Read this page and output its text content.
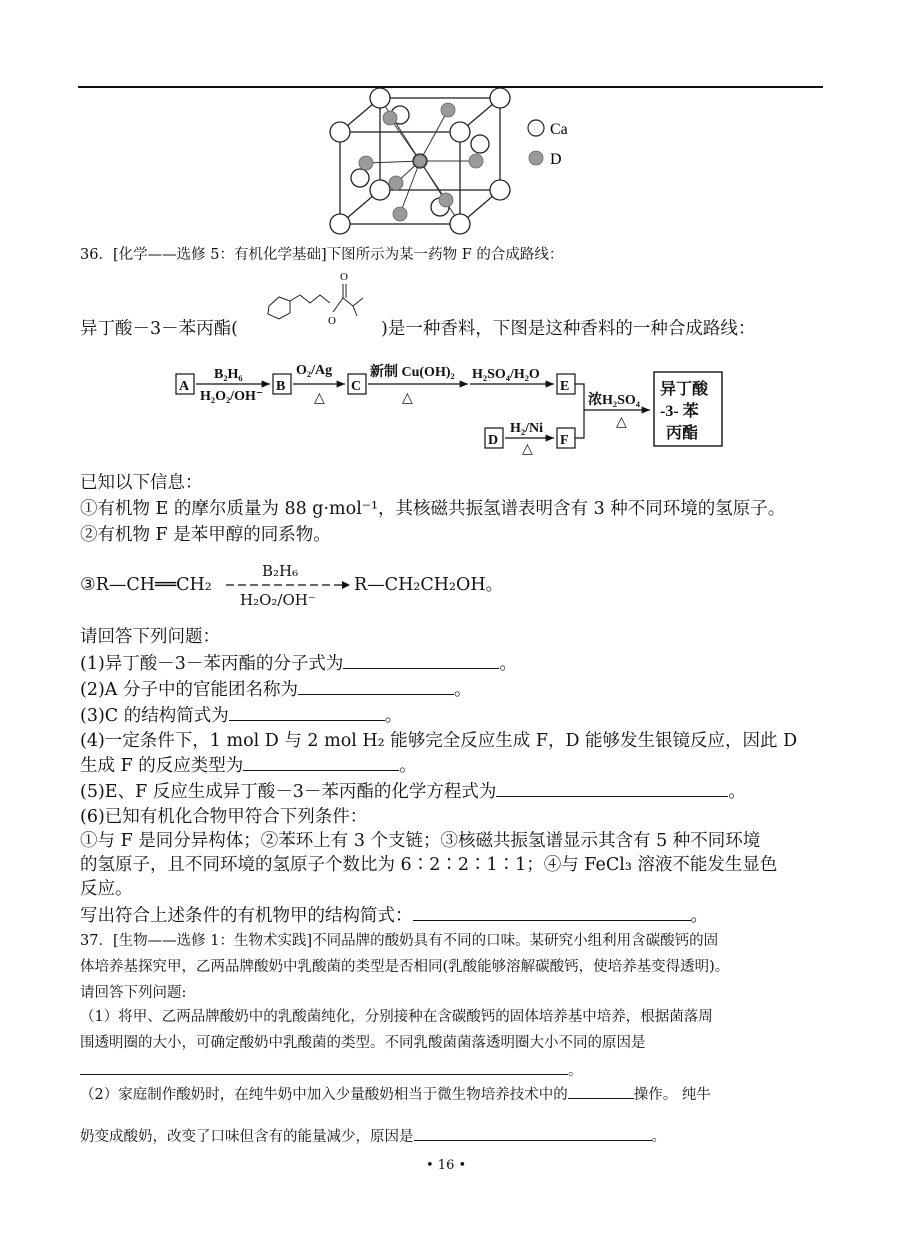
Ca
D
36．[化学——选修 5：有机化学基础]下图所示为某一药物 F 的合成路线：
异丁酸－3－苯丙酯(	O
O
)是一种香料，下图是这种香料的一种合成路线：
A
B₂H₆
H₂O₂/OH⁻
B
O₂/Ag
△
C
新制 Cu(OH)₂
△
H₂SO₄/H₂O
E
D
H₂/Ni
△
F
浓H₂SO₄
△
异丁酸
-3- 苯
丙酯
已知以下信息：
①有机物 E 的摩尔质量为 88 g·mol⁻¹，其核磁共振氢谱表明含有 3 种不同环境的氢原子。
②有机物 F 是苯甲醇的同系物。
③R—CH══CH₂
B₂H₆
H₂O₂/OH⁻
R—CH₂CH₂OH。
请回答下列问题：
(1)异丁酸－3－苯丙酯的分子式为	。
(2)A 分子中的官能团名称为	。
(3)C 的结构简式为	。
(4)一定条件下，1 mol D 与 2 mol H₂ 能够完全反应生成 F，D 能够发生银镜反应，因此 D
生成 F 的反应类型为	。
(5)E、F 反应生成异丁酸－3－苯丙酯的化学方程式为	。
(6)已知有机化合物甲符合下列条件：
①与 F 是同分异构体；②苯环上有 3 个支链；③核磁共振氢谱显示其含有 5 种不同环境
的氢原子，且不同环境的氢原子个数比为 6∶2∶2∶1∶1；④与 FeCl₃ 溶液不能发生显色
反应。
写出符合上述条件的有机物甲的结构简式：	。
37．[生物——选修 1：生物术实践]不同品牌的酸奶具有不同的口味。某研究小组利用含碳酸钙的固
体培养基探究甲，乙两品牌酸奶中乳酸菌的类型是否相同(乳酸能够溶解碳酸钙，使培养基变得透明)。
请回答下列问题:
（1）将甲、乙两品牌酸奶中的乳酸菌纯化，分别接种在含碳酸钙的固体培养基中培养，根据菌落周
围透明圈的大小，可确定酸奶中乳酸菌的类型。不同乳酸菌菌落透明圈大小不同的原因是
。
（2）家庭制作酸奶时，在纯牛奶中加入少量酸奶相当于微生物培养技术中的	操作。 纯牛
奶变成酸奶，改变了口味但含有的能量减少，原因是	。
• 16 •
